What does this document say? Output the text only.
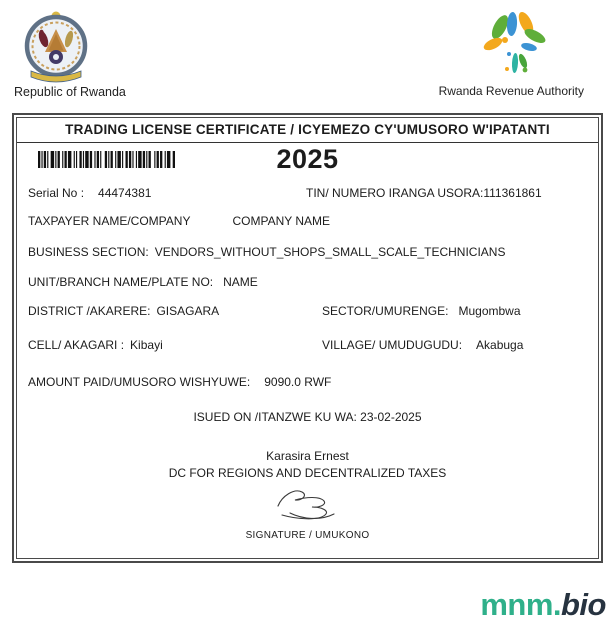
Republic of Rwanda	Rwanda Revenue Authority
TRADING LICENSE CERTIFICATE / ICYEMEZO CY'UMUSORO W'IPATANTI
2025
Serial No : 44474381	TIN/ NUMERO IRANGA USORA:111361861
TAXPAYER NAME/COMPANY	COMPANY NAME
BUSINESS SECTION: VENDORS_WITHOUT_SHOPS_SMALL_SCALE_TECHNICIANS
UNIT/BRANCH NAME/PLATE NO: NAME
DISTRICT /AKARERE: GISAGARA	SECTOR/UMURENGE: Mugombwa
CELL/ AKAGARI : Kibayi	VILLAGE/ UMUDUGUDU: Akabuga
AMOUNT PAID/UMUSORO WISHYUWE: 9090.0 RWF
ISUED ON /ITANZWE KU WA: 23-02-2025
Karasira Ernest
DC FOR REGIONS AND DECENTRALIZED TAXES
SIGNATURE / UMUKONO
mnm.bio
